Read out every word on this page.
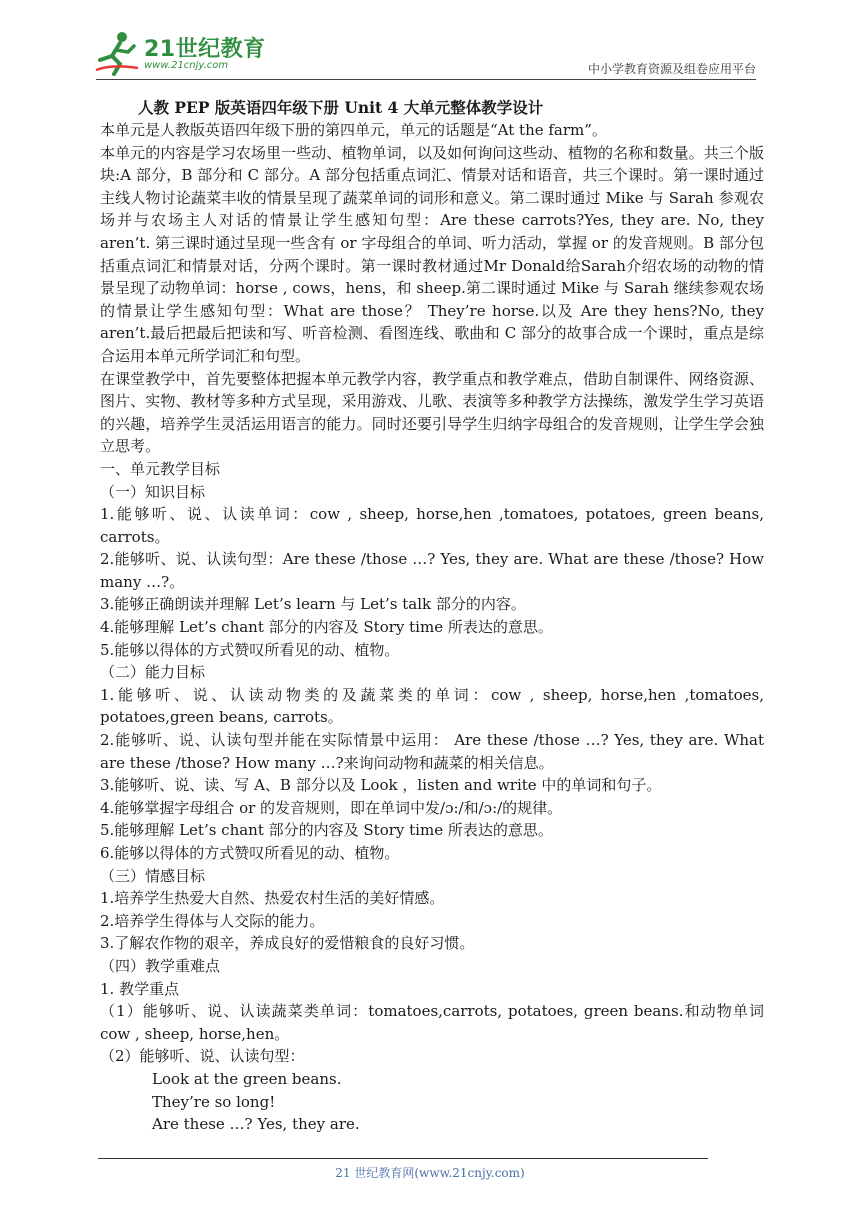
21世纪教育
www.21cnjy.com	中小学教育资源及组卷应用平台

人教 PEP 版英语四年级下册 Unit 4 大单元整体教学设计

本单元是人教版英语四年级下册的第四单元，单元的话题是“At the farm”。

本单元的内容是学习农场里一些动、植物单词，以及如何询问这些动、植物的名称和数量。共三个版块:A 部分，B 部分和 C 部分。A 部分包括重点词汇、情景对话和语音，共三个课时。第一课时通过主线人物讨论蔬菜丰收的情景呈现了蔬菜单词的词形和意义。第二课时通过 Mike 与 Sarah 参观农场并与农场主人对话的情景让学生感知句型：Are these carrots?Yes, they are. No, they aren’t. 第三课时通过呈现一些含有 or 字母组合的单词、听力活动，掌握 or 的发音规则。B 部分包括重点词汇和情景对话，分两个课时。第一课时教材通过Mr Donald给Sarah介绍农场的动物的情景呈现了动物单词：horse , cows，hens，和 sheep.第二课时通过 Mike 与 Sarah 继续参观农场的情景让学生感知句型：What are those？ They’re horse.以及 Are they hens?No, they aren’t.最后把最后把读和写、听音检测、看图连线、歌曲和 C 部分的故事合成一个课时，重点是综合运用本单元所学词汇和句型。

在课堂教学中，首先要整体把握本单元教学内容，教学重点和教学难点，借助自制课件、网络资源、图片、实物、教材等多种方式呈现，采用游戏、儿歌、表演等多种教学方法操练，激发学生学习英语的兴趣，培养学生灵活运用语言的能力。同时还要引导学生归纳字母组合的发音规则，让学生学会独立思考。

一、单元教学目标

（一）知识目标

1.能够听、说、认读单词：cow , sheep, horse,hen ,tomatoes, potatoes, green beans, carrots。

2.能够听、说、认读句型：Are these /those …? Yes, they are. What are these /those? How many …?。

3.能够正确朗读并理解 Let’s learn 与 Let’s talk 部分的内容。

4.能够理解 Let’s chant 部分的内容及 Story time 所表达的意思。

5.能够以得体的方式赞叹所看见的动、植物。

（二）能力目标

1.能够听、说、认读动物类的及蔬菜类的单词：cow , sheep, horse,hen ,tomatoes, potatoes,green beans, carrots。

2.能够听、说、认读句型并能在实际情景中运用： Are these /those …? Yes, they are. What are these /those? How many …?来询问动物和蔬菜的相关信息。

3.能够听、说、读、写 A、B 部分以及 Look ，listen and write 中的单词和句子。

4.能够掌握字母组合 or 的发音规则，即在单词中发/ɔ:/和/ɔ:/的规律。

5.能够理解 Let’s chant 部分的内容及 Story time 所表达的意思。

6.能够以得体的方式赞叹所看见的动、植物。

（三）情感目标

1.培养学生热爱大自然、热爱农村生活的美好情感。

2.培养学生得体与人交际的能力。

3.了解农作物的艰辛，养成良好的爱惜粮食的良好习惯。

（四）教学重难点

1. 教学重点

（1）能够听、说、认读蔬菜类单词：tomatoes,carrots, potatoes, green beans.和动物单词 cow , sheep, horse,hen。

（2）能够听、说、认读句型：

Look at the green beans.

They’re so long!

Are these …? Yes, they are.

21 世纪教育网(www.21cnjy.com)
